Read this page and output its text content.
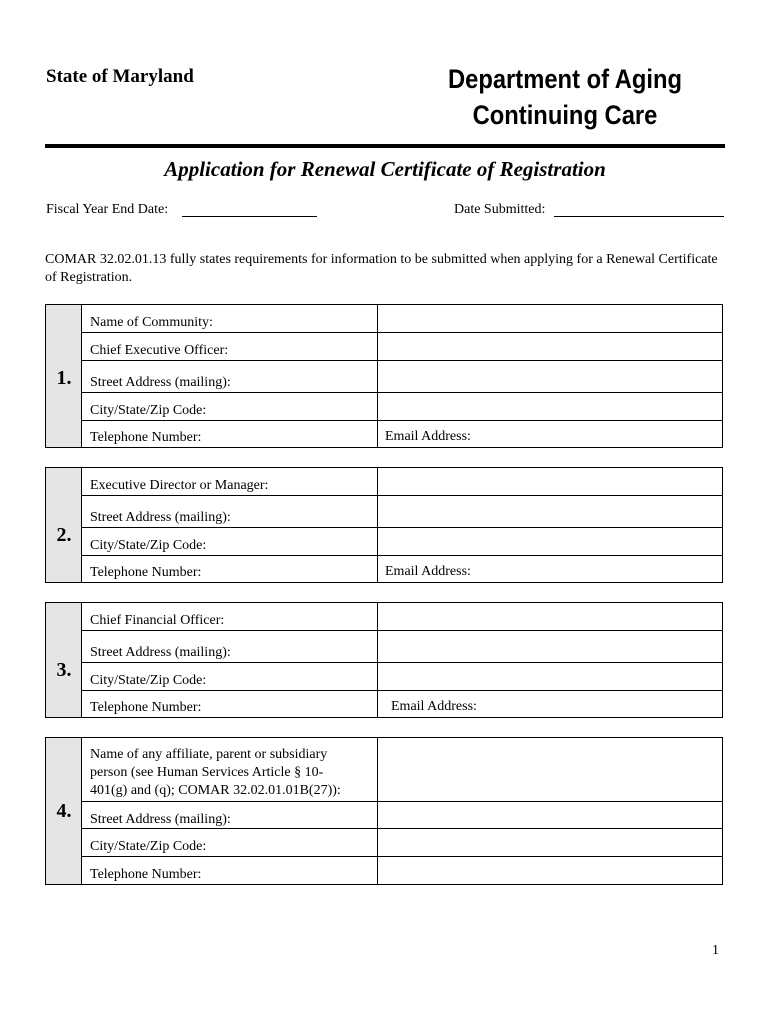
State of Maryland	Department of Aging
Continuing Care
Application for Renewal Certificate of Registration
Fiscal Year End Date:	Date Submitted:
COMAR 32.02.01.13 fully states requirements for information to be submitted when applying for a Renewal Certificate of Registration.
1.
Name of Community:
Chief Executive Officer:
Street Address (mailing):
City/State/Zip Code:
Telephone Number:	Email Address:
2.
Executive Director or Manager:
Street Address (mailing):
City/State/Zip Code:
Telephone Number:	Email Address:
3.
Chief Financial Officer:
Street Address (mailing):
City/State/Zip Code:
Telephone Number:	Email Address:
4.
Name of any affiliate, parent or subsidiary
person (see Human Services Article § 10-
401(g) and (q); COMAR 32.02.01.01B(27)):
Street Address (mailing):
City/State/Zip Code:
Telephone Number:
1
